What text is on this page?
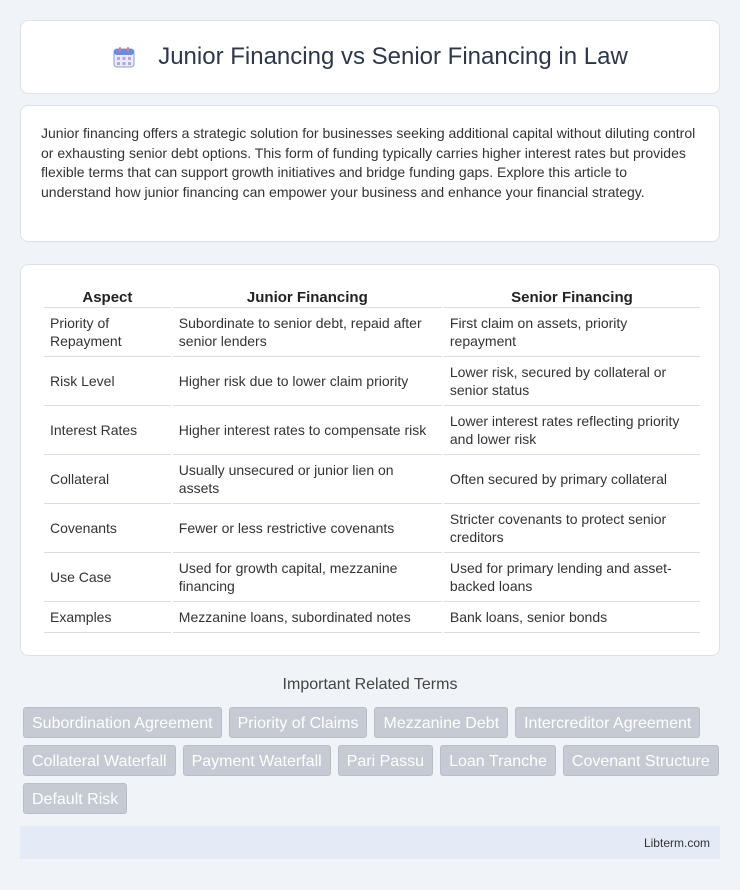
Junior Financing vs Senior Financing in Law

Junior financing offers a strategic solution for businesses seeking additional capital without diluting control or exhausting senior debt options. This form of funding typically carries higher interest rates but provides flexible terms that can support growth initiatives and bridge funding gaps. Explore this article to understand how junior financing can empower your business and enhance your financial strategy.

Aspect	Junior Financing	Senior Financing
Priority of Repayment	Subordinate to senior debt, repaid after senior lenders	First claim on assets, priority repayment
Risk Level	Higher risk due to lower claim priority	Lower risk, secured by collateral or senior status
Interest Rates	Higher interest rates to compensate risk	Lower interest rates reflecting priority and lower risk
Collateral	Usually unsecured or junior lien on assets	Often secured by primary collateral
Covenants	Fewer or less restrictive covenants	Stricter covenants to protect senior creditors
Use Case	Used for growth capital, mezzanine financing	Used for primary lending and asset-backed loans
Examples	Mezzanine loans, subordinated notes	Bank loans, senior bonds
Important Related Terms
Subordination Agreement	Priority of Claims	Mezzanine Debt	Intercreditor Agreement
Collateral Waterfall	Payment Waterfall	Pari Passu	Loan Tranche	Covenant Structure
Default Risk
Libterm.com
